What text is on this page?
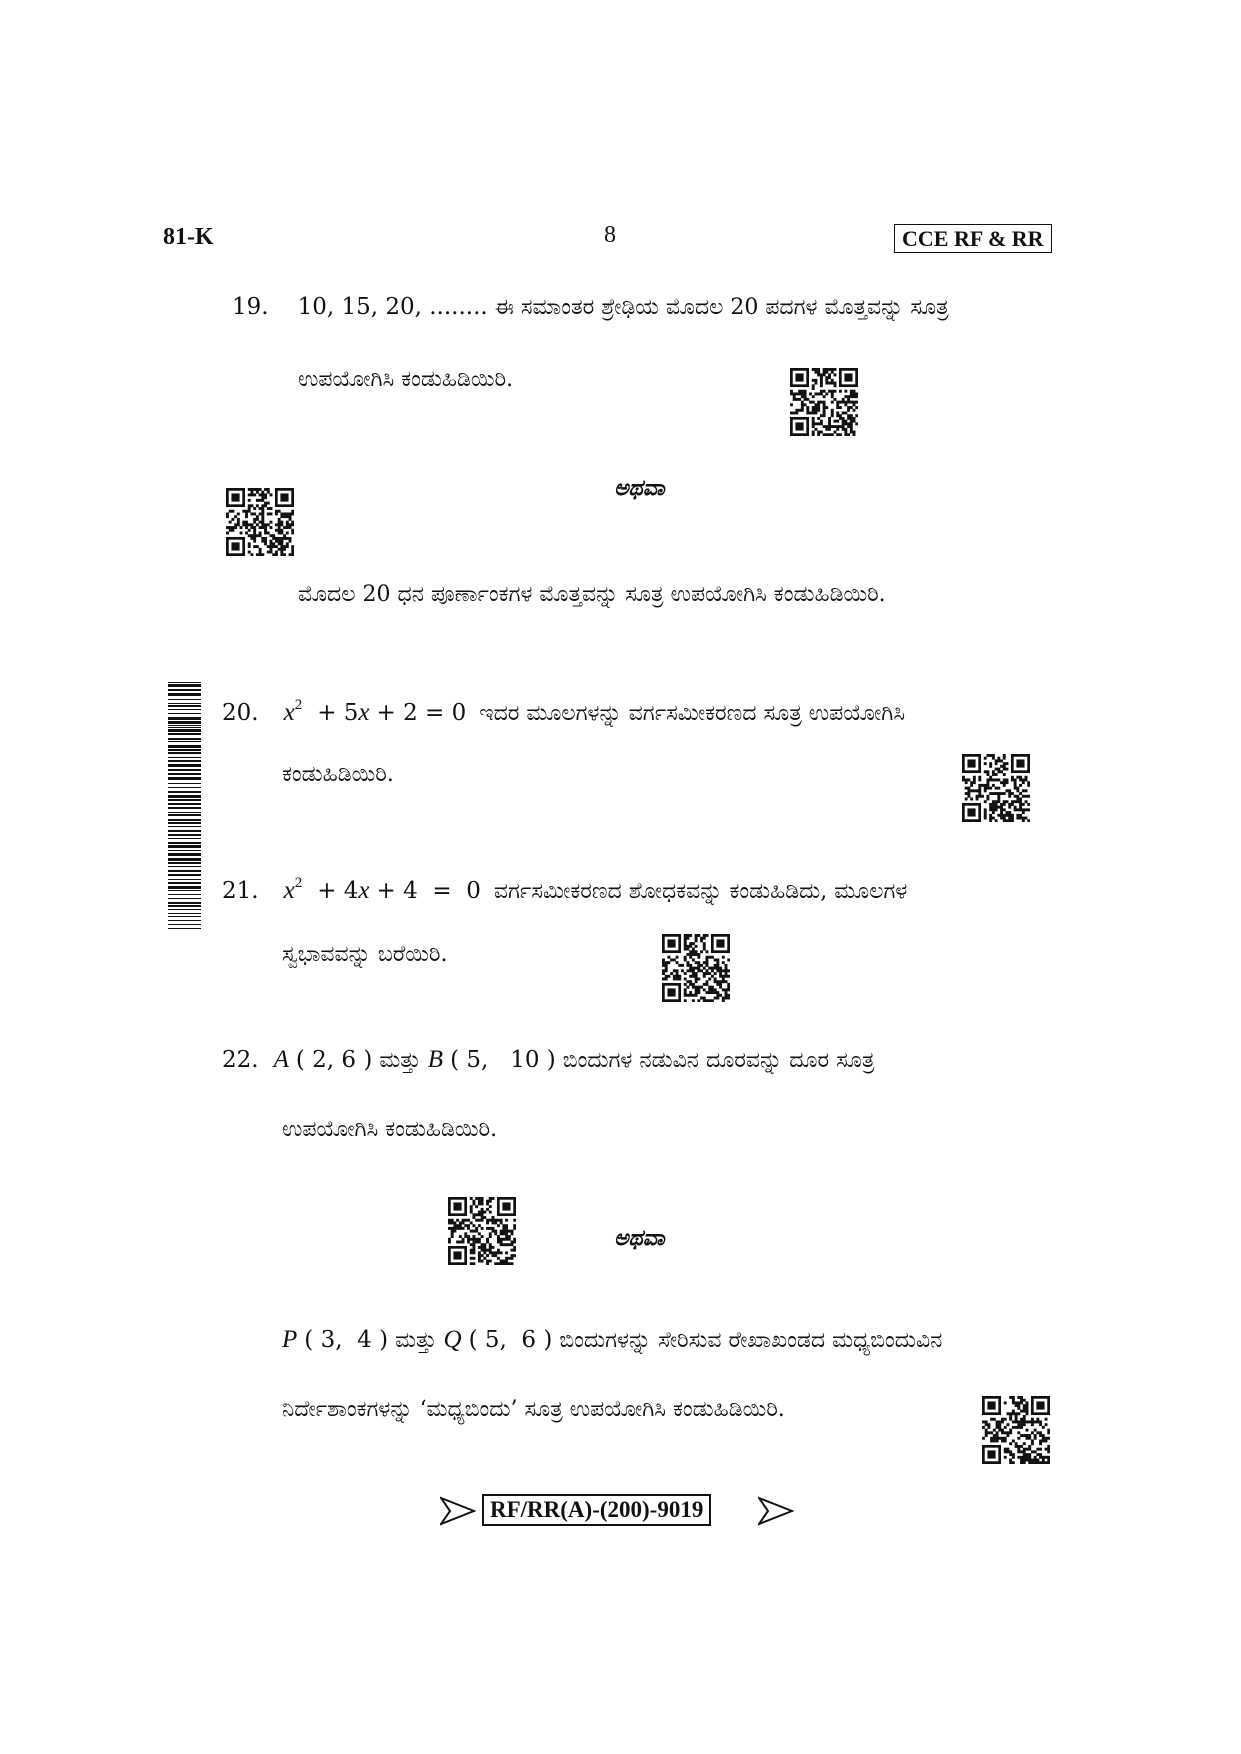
81-K	8	CCE RF & RR
19. 10, 15, 20, ........ ಈ ಸಮಾಂತರ ಶ್ರೇಢಿಯ ಮೊದಲ 20 ಪದಗಳ ಮೊತ್ತವನ್ನು ಸೂತ್ರ
ಉಪಯೋಗಿಸಿ ಕಂಡುಹಿಡಿಯಿರಿ.
ಅಥವಾ
ಮೊದಲ 20 ಧನ ಪೂರ್ಣಾಂಕಗಳ ಮೊತ್ತವನ್ನು ಸೂತ್ರ ಉಪಯೋಗಿಸಿ ಕಂಡುಹಿಡಿಯಿರಿ.
20. $x^2 + 5x + 2 = 0$ ಇದರ ಮೂಲಗಳನ್ನು ವರ್ಗಸಮೀಕರಣದ ಸೂತ್ರ ಉಪಯೋಗಿಸಿ
ಕಂಡುಹಿಡಿಯಿರಿ.
21. $x^2 + 4x + 4 = 0$ ವರ್ಗಸಮೀಕರಣದ ಶೋಧಕವನ್ನು ಕಂಡುಹಿಡಿದು, ಮೂಲಗಳ
ಸ್ವಭಾವವನ್ನು ಬರೆಯಿರಿ.
22. A ( 2, 6 ) ಮತ್ತು B ( 5,   10 ) ಬಿಂದುಗಳ ನಡುವಿನ ದೂರವನ್ನು ದೂರ ಸೂತ್ರ
ಉಪಯೋಗಿಸಿ ಕಂಡುಹಿಡಿಯಿರಿ.
ಅಥವಾ
P ( 3,  4 ) ಮತ್ತು Q ( 5,  6 ) ಬಿಂದುಗಳನ್ನು ಸೇರಿಸುವ ರೇಖಾಖಂಡದ ಮಧ್ಯಬಿಂದುವಿನ
ನಿರ್ದೇಶಾಂಕಗಳನ್ನು ‘ಮಧ್ಯಬಿಂದು’ ಸೂತ್ರ ಉಪಯೋಗಿಸಿ ಕಂಡುಹಿಡಿಯಿರಿ.
RF/RR(A)-(200)-9019
